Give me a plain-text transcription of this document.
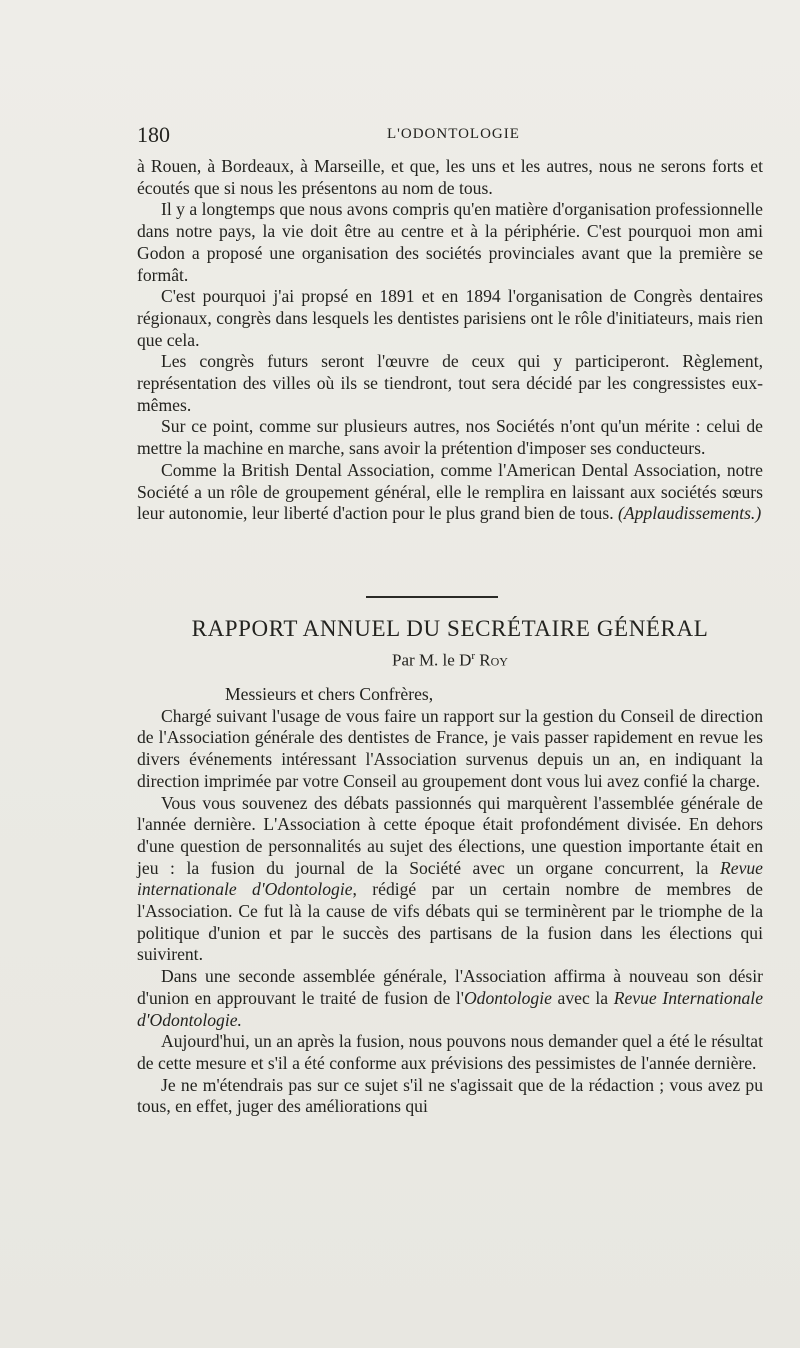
180	L'ODONTOLOGIE

à Rouen, à Bordeaux, à Marseille, et que, les uns et les autres, nous ne serons forts et écoutés que si nous les présentons au nom de tous.

Il y a longtemps que nous avons compris qu'en matière d'organisation professionnelle dans notre pays, la vie doit être au centre et à la périphérie. C'est pourquoi mon ami Godon a proposé une organisation des sociétés provinciales avant que la première se formât.

C'est pourquoi j'ai propsé en 1891 et en 1894 l'organisation de Congrès dentaires régionaux, congrès dans lesquels les dentistes parisiens ont le rôle d'initiateurs, mais rien que cela.

Les congrès futurs seront l'œuvre de ceux qui y participeront. Règlement, représentation des villes où ils se tiendront, tout sera décidé par les congressistes eux-mêmes.

Sur ce point, comme sur plusieurs autres, nos Sociétés n'ont qu'un mérite : celui de mettre la machine en marche, sans avoir la prétention d'imposer ses conducteurs.

Comme la British Dental Association, comme l'American Dental Association, notre Société a un rôle de groupement général, elle le remplira en laissant aux sociétés sœurs leur autonomie, leur liberté d'action pour le plus grand bien de tous. (Applaudissements.)

RAPPORT ANNUEL DU SECRÉTAIRE GÉNÉRAL
Par M. le $D^r$ Roy

Messieurs et chers Confrères,

Chargé suivant l'usage de vous faire un rapport sur la gestion du Conseil de direction de l'Association générale des dentistes de France, je vais passer rapidement en revue les divers événements intéressant l'Association survenus depuis un an, en indiquant la direction imprimée par votre Conseil au groupement dont vous lui avez confié la charge.

Vous vous souvenez des débats passionnés qui marquèrent l'assemblée générale de l'année dernière. L'Association à cette époque était profondément divisée. En dehors d'une question de personnalités au sujet des élections, une question importante était en jeu : la fusion du journal de la Société avec un organe concurrent, la Revue internationale d'Odontologie, rédigé par un certain nombre de membres de l'Association. Ce fut là la cause de vifs débats qui se terminèrent par le triomphe de la politique d'union et par le succès des partisans de la fusion dans les élections qui suivirent.

Dans une seconde assemblée générale, l'Association affirma à nouveau son désir d'union en approuvant le traité de fusion de l'Odontologie avec la Revue Internationale d'Odontologie.

Aujourd'hui, un an après la fusion, nous pouvons nous demander quel a été le résultat de cette mesure et s'il a été conforme aux prévisions des pessimistes de l'année dernière.

Je ne m'étendrais pas sur ce sujet s'il ne s'agissait que de la rédaction ; vous avez pu tous, en effet, juger des améliorations qui
